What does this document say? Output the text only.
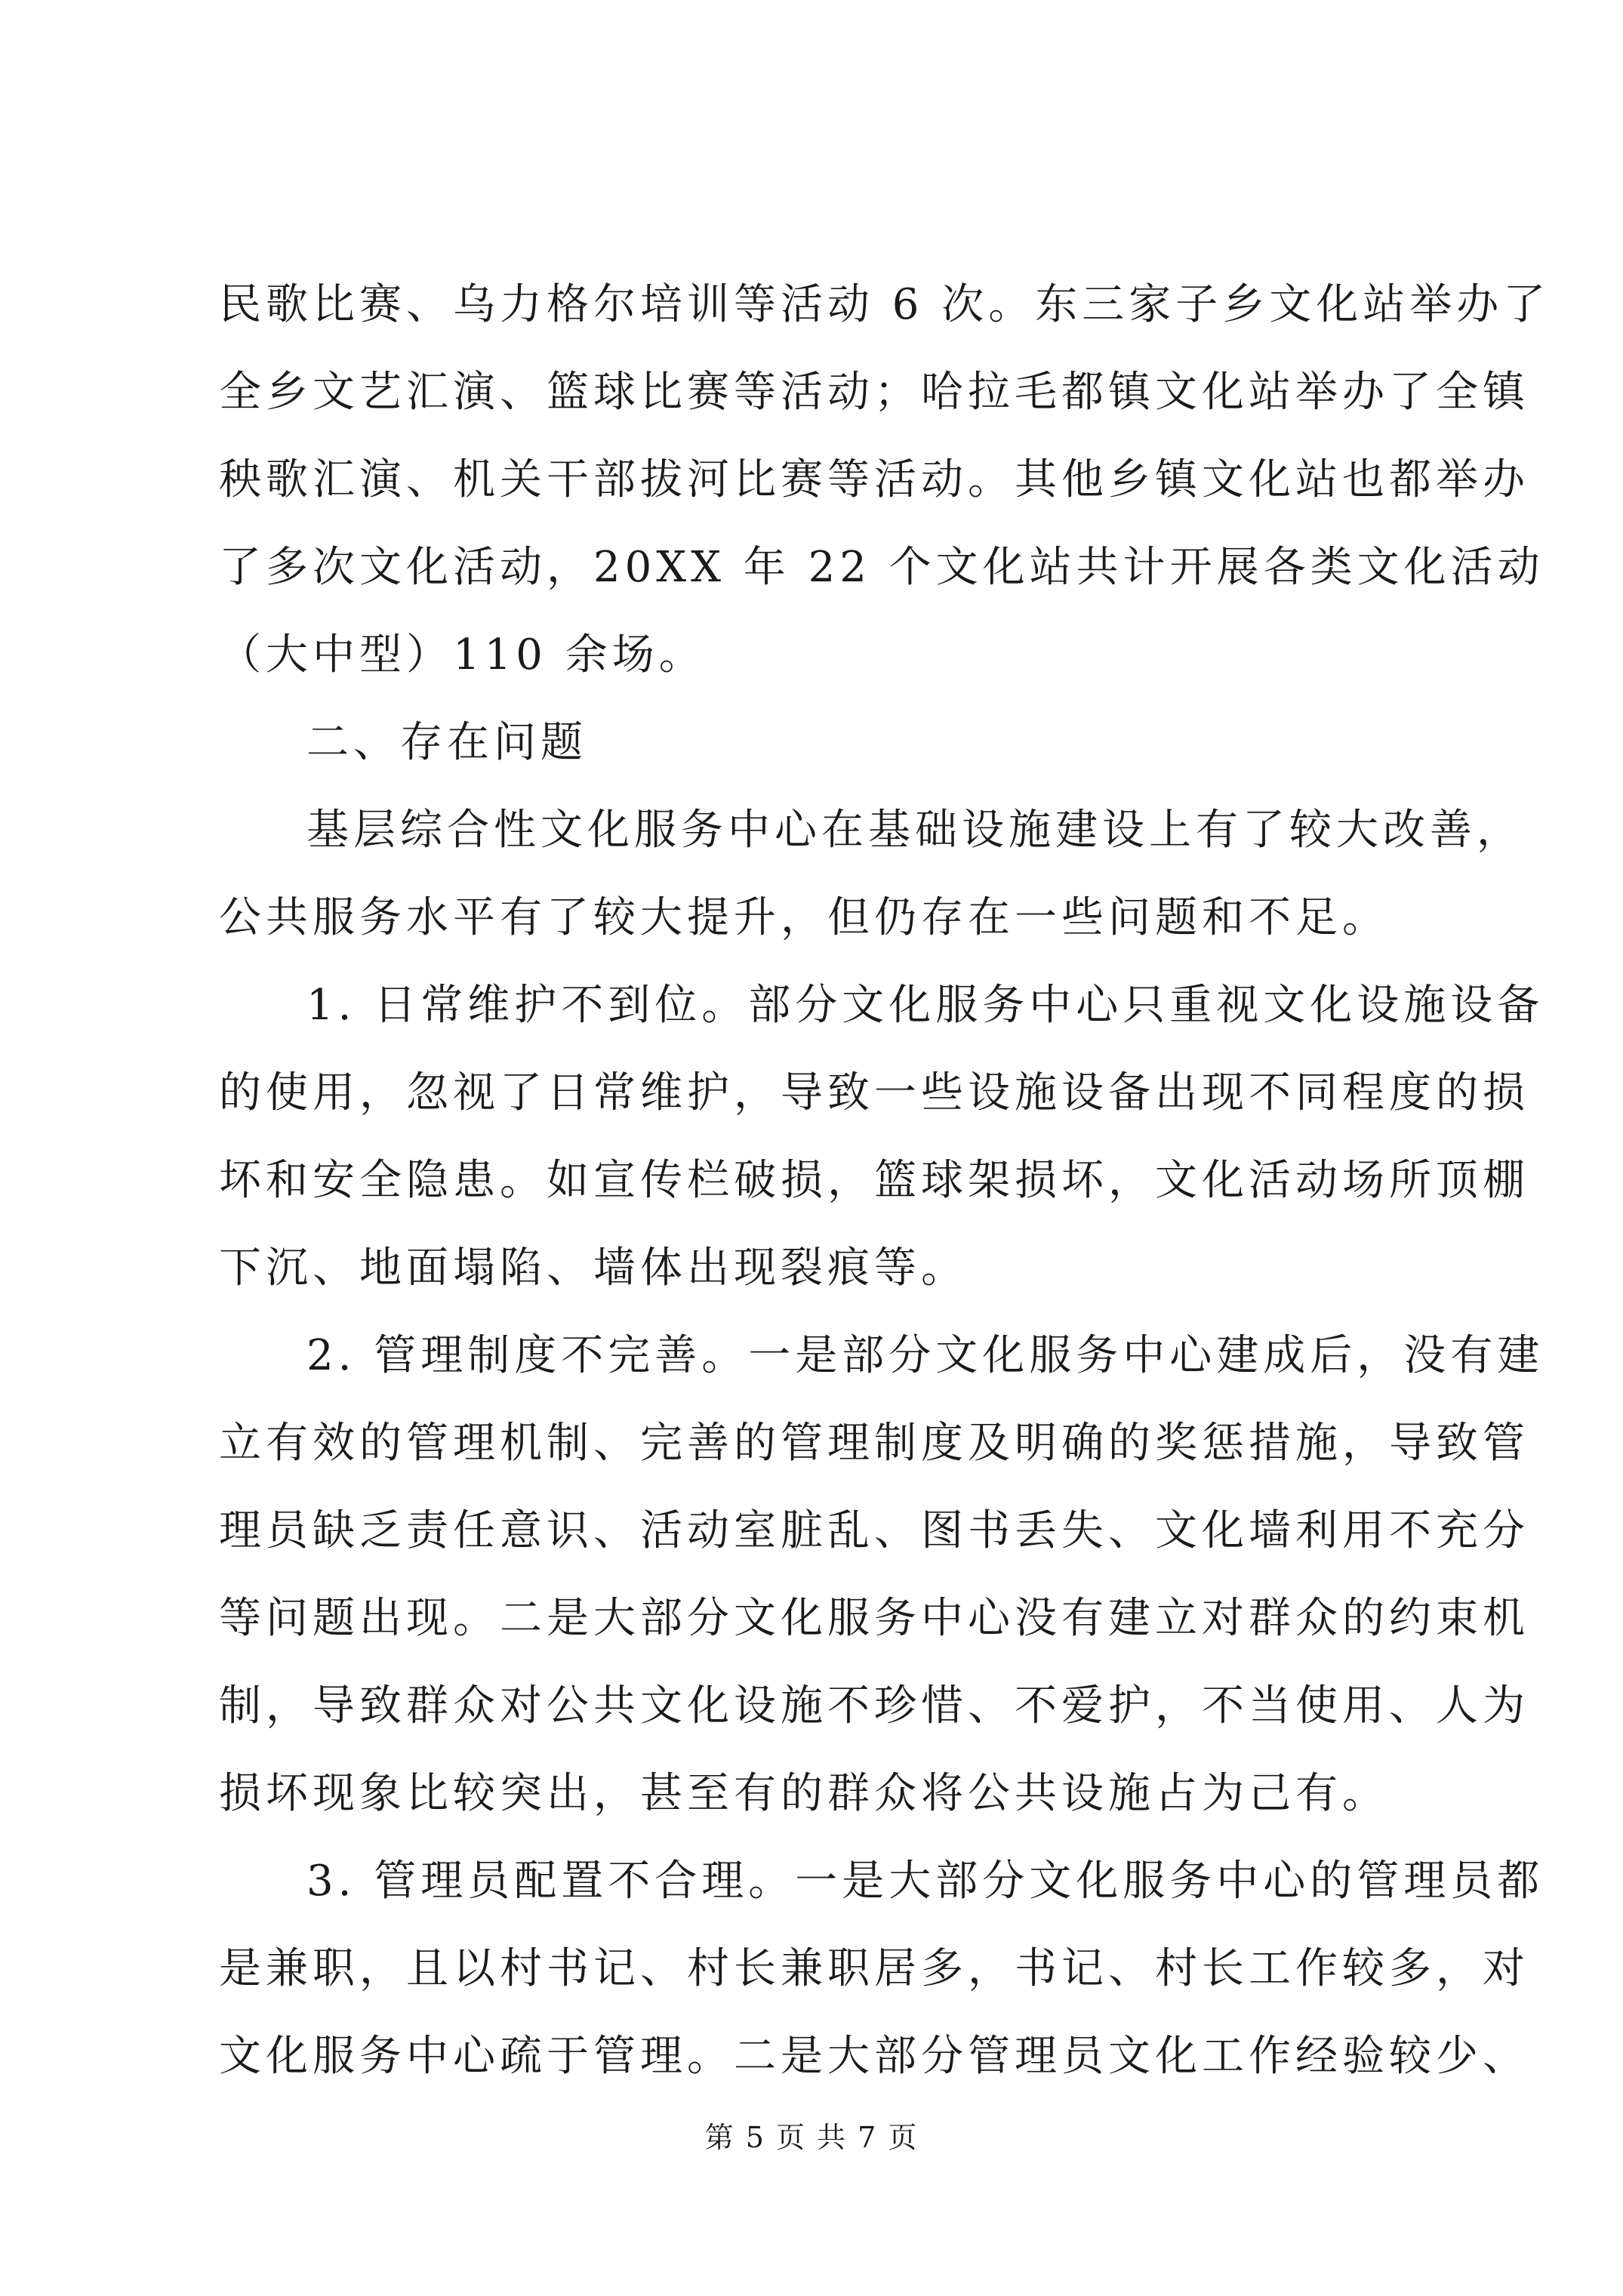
民歌比赛、乌力格尔培训等活动 6 次。东三家子乡文化站举办了
全乡文艺汇演、篮球比赛等活动；哈拉毛都镇文化站举办了全镇
秧歌汇演、机关干部拔河比赛等活动。其他乡镇文化站也都举办
了多次文化活动，20XX 年 22 个文化站共计开展各类文化活动
（大中型）110 余场。
二、存在问题
基层综合性文化服务中心在基础设施建设上有了较大改善，
公共服务水平有了较大提升，但仍存在一些问题和不足。
1. 日常维护不到位。部分文化服务中心只重视文化设施设备
的使用，忽视了日常维护，导致一些设施设备出现不同程度的损
坏和安全隐患。如宣传栏破损，篮球架损坏，文化活动场所顶棚
下沉、地面塌陷、墙体出现裂痕等。
2. 管理制度不完善。一是部分文化服务中心建成后，没有建
立有效的管理机制、完善的管理制度及明确的奖惩措施，导致管
理员缺乏责任意识、活动室脏乱、图书丢失、文化墙利用不充分
等问题出现。二是大部分文化服务中心没有建立对群众的约束机
制，导致群众对公共文化设施不珍惜、不爱护，不当使用、人为
损坏现象比较突出，甚至有的群众将公共设施占为己有。
3. 管理员配置不合理。一是大部分文化服务中心的管理员都
是兼职，且以村书记、村长兼职居多，书记、村长工作较多，对
文化服务中心疏于管理。二是大部分管理员文化工作经验较少、
第 5 页 共 7 页
